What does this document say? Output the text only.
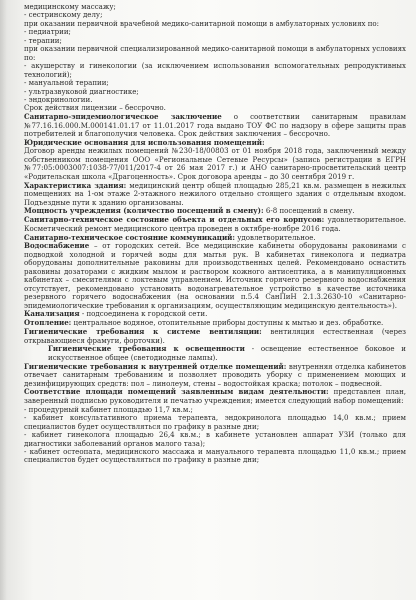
медицинскому массажу;

- сестринскому делу;

при оказании первичной врачебной медико-санитарной помощи в амбулаторных условиях по:

- педиатрии;

- терапии;

при оказании первичной специализированной медико-санитарной помощи в амбулаторных условиях по:

- акушерству и гинекологии (за исключением использования вспомогательных репродуктивных технологий);

- мануальной терапии;

- ультразвуковой диагностике;

- эндокринологии.

Срок действия лицензии – бессрочно.

Санитарно-эпидемиологическое заключение о соответствии санитарным правилам №77.16.16.000.М.000141.01.17 от 11.01.2017 года выдано ТОУ ФС по надзору в сфере защиты прав потребителей и благополучия человека. Срок действия заключения – бессрочно.

Юридические основания для использования помещений:

Договор аренды нежилых помещений №230-18/00803 от 01 ноября 2018 года, заключенный между собственником помещения ООО «Региональные Сетевые Ресурсы» (запись регистрации в ЕГРН №77:05:0003007:1038-77/011/2017-4 от 26 мая 2017 г.) и АНО санитарно-просветительский центр «Родительская школа «Драгоценность». Срок договора аренды – до 30 сентября 2019 г.

Характеристика здания: медицинский центр общей площадью 285,21 кв.м. размещен в нежилых помещениях на 1-ом этаже 2-этажного нежилого отдельно стоящего здания с отдельным входом. Подъездные пути к зданию организованы.

Мощность учреждения (количество посещений в смену): 6-8 посещений в смену.

Санитарно-техническое состояние объекта и отдельных его корпусов: удовлетворительное. Косметический ремонт медицинского центра проведен в октябре-ноябре 2016 года.

Санитарно-техническое состояние коммуникаций: удовлетворительное.

Водоснабжение – от городских сетей. Все медицинские кабинеты оборудованы раковинами с подводкой холодной и горячей воды для мытья рук. В кабинетах гинеколога и педиатра оборудованы дополнительные раковины для производственных целей. Рекомендовано оснастить раковины дозаторами с жидким мылом и раствором кожного антисептика, а в манипуляционных кабинетах – смесителями с локтевым управлением. Источник горячего резервного водоснабжения отсутствует, рекомендовано установить водонагревательное устройство в качестве источника резервного горячего водоснабжения (на основании п.5.4 СанПиН 2.1.3.2630-10 «Санитарно-эпидемиологические требования к организациям, осуществляющим медицинскую деятельность»).

Канализация - подсоединена к городской сети.

Отопление: центральное водяное, отопительные приборы доступны к мытью и дез. обработке.

Гигиенические требования к системе вентиляции: вентиляция естественная (через открывающиеся фрамуги, форточки).

Гигиенические требования к освещенности - освещение естественное боковое и искусственное общее (светодиодные лампы).

Гигиенические требования к внутренней отделке помещений: внутренняя отделка кабинетов отвечает санитарным требованиям и позволяет проводить уборку с применением моющих и дезинфицирующих средств: пол – линолеум, стены – водостойкая краска; потолок – подвесной.

Соответствие площади помещений заявленным видам деятельности: представлен план, заверенный подписью руководителя и печатью учреждения; имеется следующий набор помещений:

- процедурный кабинет площадью 11,7 кв.м.;

- кабинет консультативного приема терапевта, эндокринолога площадью 14,0 кв.м.; прием специалистов будет осуществляться по графику в разные дни;

- кабинет гинеколога площадью 26,4 кв.м.; в кабинете установлен аппарат УЗИ (только для диагностики заболеваний органов малого таза);

- кабинет остеопата, медицинского массажа и мануального терапевта площадью 11,0 кв.м.; прием специалистов будет осуществляться по графику в разные дни;
